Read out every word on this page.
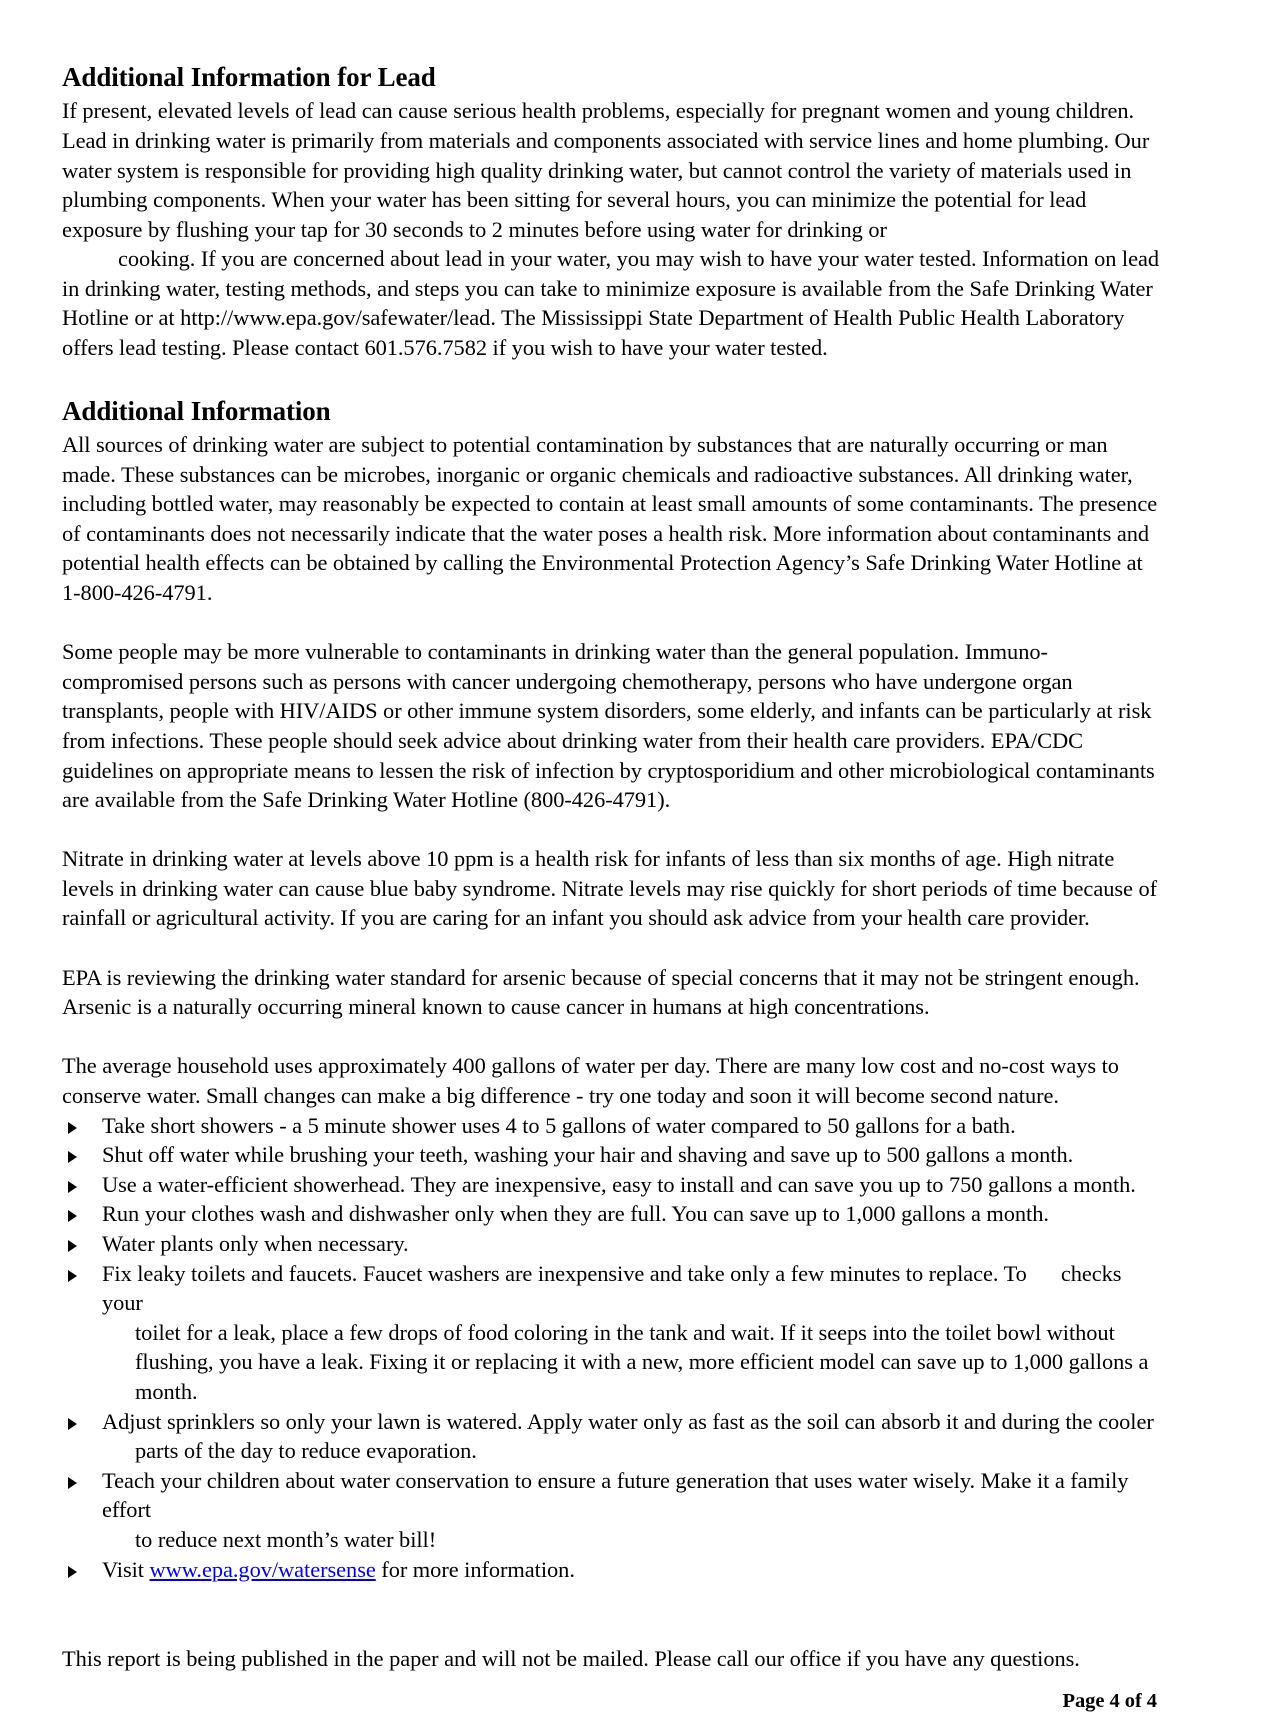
Additional Information for Lead

If present, elevated levels of lead can cause serious health problems, especially for pregnant women and young children. Lead in drinking water is primarily from materials and components associated with service lines and home plumbing. Our water system is responsible for providing high quality drinking water, but cannot control the variety of materials used in plumbing components. When your water has been sitting for several hours, you can minimize the potential for lead exposure by flushing your tap for 30 seconds to 2 minutes before using water for drinking or
cooking. If you are concerned about lead in your water, you may wish to have your water tested. Information on lead in drinking water, testing methods, and steps you can take to minimize exposure is available from the Safe Drinking Water Hotline or at http://www.epa.gov/safewater/lead. The Mississippi State Department of Health Public Health Laboratory offers lead testing. Please contact 601.576.7582 if you wish to have your water tested.

Additional Information

All sources of drinking water are subject to potential contamination by substances that are naturally occurring or man made. These substances can be microbes, inorganic or organic chemicals and radioactive substances. All drinking water, including bottled water, may reasonably be expected to contain at least small amounts of some contaminants. The presence of contaminants does not necessarily indicate that the water poses a health risk. More information about contaminants and potential health effects can be obtained by calling the Environmental Protection Agency’s Safe Drinking Water Hotline at 1-800-426-4791.

Some people may be more vulnerable to contaminants in drinking water than the general population. Immuno-compromised persons such as persons with cancer undergoing chemotherapy, persons who have undergone organ transplants, people with HIV/AIDS or other immune system disorders, some elderly, and infants can be particularly at risk from infections. These people should seek advice about drinking water from their health care providers. EPA/CDC guidelines on appropriate means to lessen the risk of infection by cryptosporidium and other microbiological contaminants are available from the Safe Drinking Water Hotline (800-426-4791).

Nitrate in drinking water at levels above 10 ppm is a health risk for infants of less than six months of age. High nitrate levels in drinking water can cause blue baby syndrome. Nitrate levels may rise quickly for short periods of time because of rainfall or agricultural activity. If you are caring for an infant you should ask advice from your health care provider.

EPA is reviewing the drinking water standard for arsenic because of special concerns that it may not be stringent enough. Arsenic is a naturally occurring mineral known to cause cancer in humans at high concentrations.

The average household uses approximately 400 gallons of water per day. There are many low cost and no-cost ways to conserve water. Small changes can make a big difference - try one today and soon it will become second nature.

Take short showers - a 5 minute shower uses 4 to 5 gallons of water compared to 50 gallons for a bath.
Shut off water while brushing your teeth, washing your hair and shaving and save up to 500 gallons a month.
Use a water-efficient showerhead. They are inexpensive, easy to install and can save you up to 750 gallons a month.
Run your clothes wash and dishwasher only when they are full. You can save up to 1,000 gallons a month.
Water plants only when necessary.
Fix leaky toilets and faucets. Faucet washers are inexpensive and take only a few minutes to replace. To checks your
toilet for a leak, place a few drops of food coloring in the tank and wait. If it seeps into the toilet bowl without flushing, you have a leak. Fixing it or replacing it with a new, more efficient model can save up to 1,000 gallons a month.
Adjust sprinklers so only your lawn is watered. Apply water only as fast as the soil can absorb it and during the cooler
parts of the day to reduce evaporation.
Teach your children about water conservation to ensure a future generation that uses water wisely. Make it a family effort
to reduce next month’s water bill!
Visit www.epa.gov/watersense for more information.

This report is being published in the paper and will not be mailed. Please call our office if you have any questions.

Page 4 of 4
